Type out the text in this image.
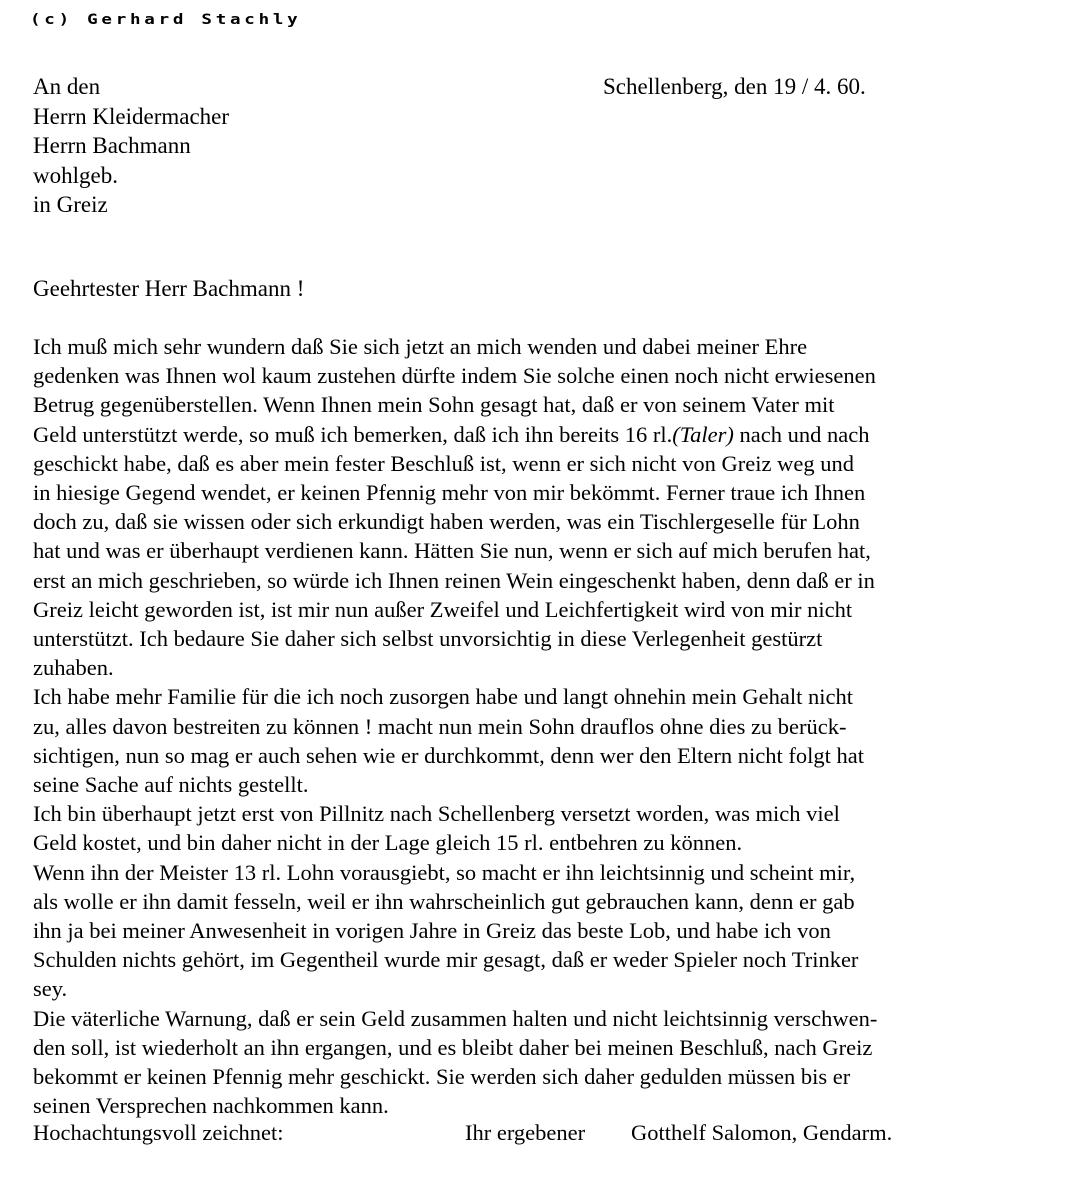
(c) Gerhard Stachly
An den
Herrn Kleidermacher
Herrn Bachmann
wohlgeb.
in Greiz
Schellenberg, den 19 / 4. 60.
Geehrtester Herr Bachmann !
Ich muß mich sehr wundern daß Sie sich jetzt an mich wenden und dabei meiner Ehre
gedenken was Ihnen wol kaum zustehen dürfte indem Sie solche einen noch nicht erwiesenen
Betrug gegenüberstellen. Wenn Ihnen mein Sohn gesagt hat, daß er von seinem Vater mit
Geld unterstützt werde, so muß ich bemerken, daß ich ihn bereits 16 rl.(Taler) nach und nach
geschickt habe, daß es aber mein fester Beschluß ist, wenn er sich nicht von Greiz weg und
in hiesige Gegend wendet, er keinen Pfennig mehr von mir bekömmt. Ferner traue ich Ihnen
doch zu, daß sie wissen oder sich erkundigt haben werden, was ein Tischlergeselle für Lohn
hat und was er überhaupt verdienen kann. Hätten Sie nun, wenn er sich auf mich berufen hat,
erst an mich geschrieben, so würde ich Ihnen reinen Wein eingeschenkt haben, denn daß er in
Greiz leicht geworden ist, ist mir nun außer Zweifel und Leichfertigkeit wird von mir nicht
unterstützt. Ich bedaure Sie daher sich selbst unvorsichtig in diese Verlegenheit gestürzt
zuhaben.
Ich habe mehr Familie für die ich noch zusorgen habe und langt ohnehin mein Gehalt nicht
zu, alles davon bestreiten zu können ! macht nun mein Sohn drauflos ohne dies zu berück-
sichtigen, nun so mag er auch sehen wie er durchkommt, denn wer den Eltern nicht folgt hat
seine Sache auf nichts gestellt.
Ich bin überhaupt jetzt erst von Pillnitz nach Schellenberg versetzt worden, was mich viel
Geld kostet, und bin daher nicht in der Lage gleich 15 rl. entbehren zu können.
Wenn ihn der Meister 13 rl. Lohn vorausgiebt, so macht er ihn leichtsinnig und scheint mir,
als wolle er ihn damit fesseln, weil er ihn wahrscheinlich gut gebrauchen kann, denn er gab
ihn ja bei meiner Anwesenheit in vorigen Jahre in Greiz das beste Lob, und habe ich von
Schulden nichts gehört, im Gegentheil wurde mir gesagt, daß er weder Spieler noch Trinker
sey.
Die väterliche Warnung, daß er sein Geld zusammen halten und nicht leichtsinnig verschwen-
den soll, ist wiederholt an ihn ergangen, und es bleibt daher bei meinen Beschluß, nach Greiz
bekommt er keinen Pfennig mehr geschickt. Sie werden sich daher gedulden müssen bis er
seinen Versprechen nachkommen kann.
Hochachtungsvoll zeichnet:	Ihr ergebener Gotthelf Salomon, Gendarm.
